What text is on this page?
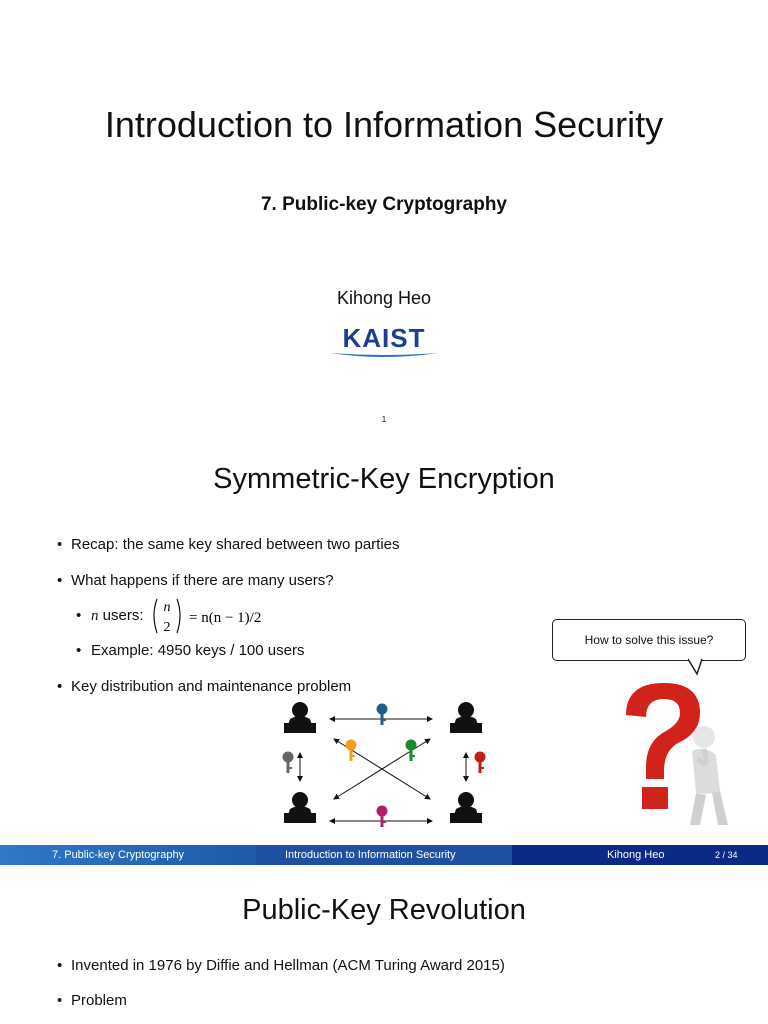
Introduction to Information Security
7. Public-key Cryptography
Kihong Heo
KAIST
1
Symmetric-Key Encryption
• Recap: the same key shared between two parties
• What happens if there are many users?
• n users: n
2
= n(n − 1)/2
• Example: 4950 keys / 100 users
• Key distribution and maintenance problem
How to solve this issue?
7. Public-key Cryptography	Introduction to Information Security	Kihong Heo	2 / 34
Public-Key Revolution
• Invented in 1976 by Diffie and Hellman (ACM Turing Award 2015)
• Problem
